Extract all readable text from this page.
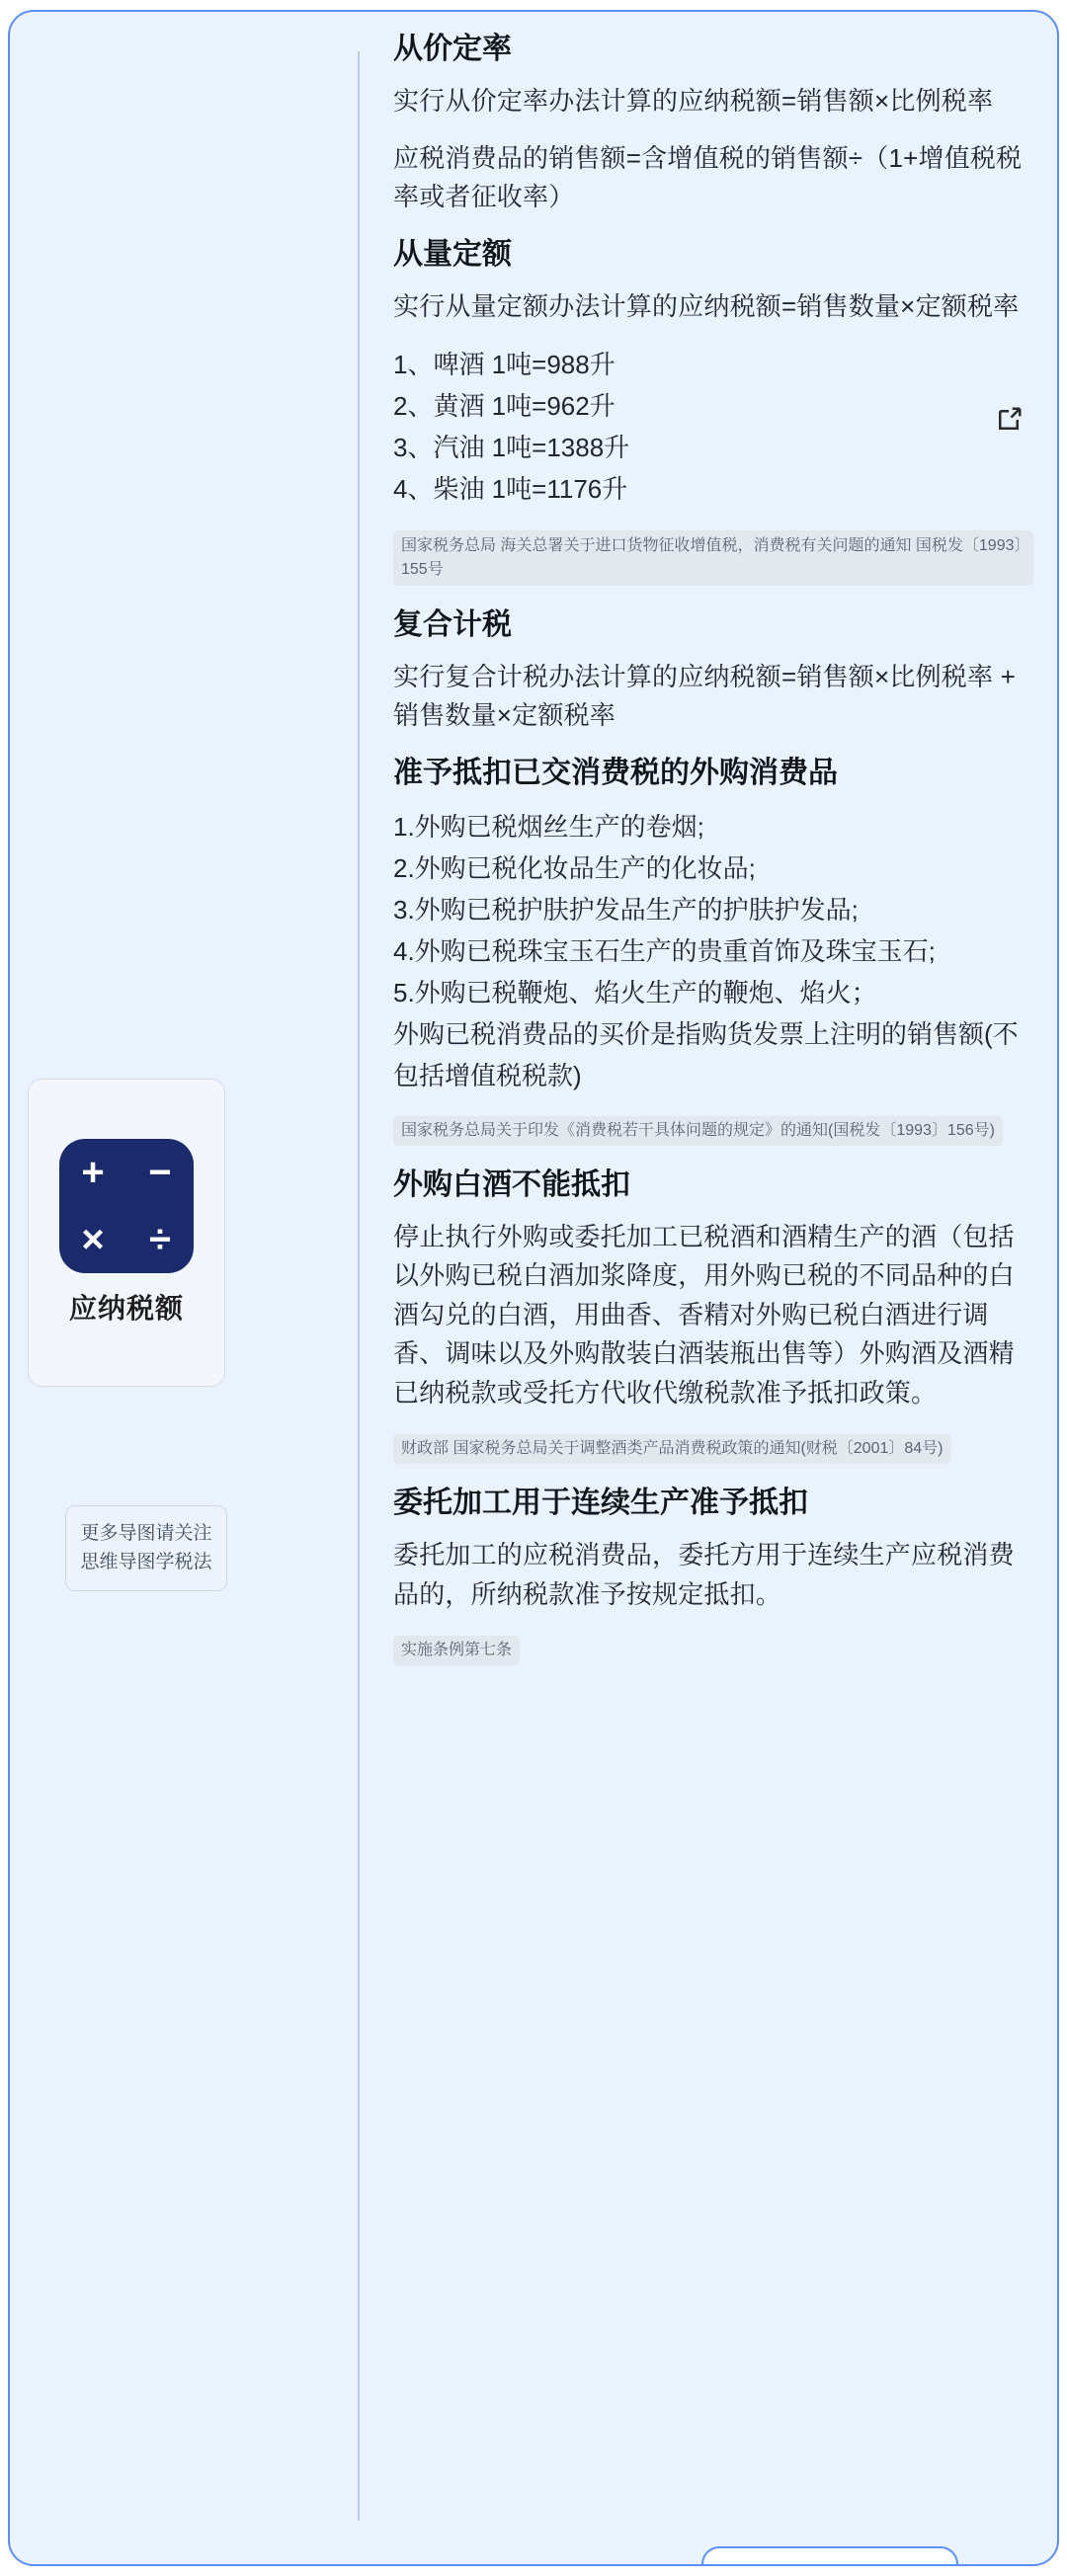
+ −
× ÷
应纳税额
更多导图请关注
思维导图学税法
从价定率

实行从价定率办法计算的应纳税额=销售额×比例税率

应税消费品的销售额=含增值税的销售额÷（1+增值税税率或者征收率）

从量定额

实行从量定额办法计算的应纳税额=销售数量×定额税率

1、啤酒 1吨=988升
2、黄酒 1吨=962升
3、汽油 1吨=1388升
4、柴油 1吨=1176升
国家税务总局 海关总署关于进口货物征收增值税，消费税有关问题的通知 国税发〔1993〕155号
复合计税

实行复合计税办法计算的应纳税额=销售额×比例税率 + 销售数量×定额税率

准予抵扣已交消费税的外购消费品
1.外购已税烟丝生产的卷烟;
2.外购已税化妆品生产的化妆品;
3.外购已税护肤护发品生产的护肤护发品;
4.外购已税珠宝玉石生产的贵重首饰及珠宝玉石;
5.外购已税鞭炮、焰火生产的鞭炮、焰火；
外购已税消费品的买价是指购货发票上注明的销售额(不包括增值税税款)
国家税务总局关于印发《消费税若干具体问题的规定》的通知(国税发〔1993〕156号)
外购白酒不能抵扣

停止执行外购或委托加工已税酒和酒精生产的酒（包括以外购已税白酒加浆降度，用外购已税的不同品种的白酒勾兑的白酒，用曲香、香精对外购已税白酒进行调香、调味以及外购散装白酒装瓶出售等）外购酒及酒精已纳税款或受托方代收代缴税款准予抵扣政策。

财政部 国家税务总局关于调整酒类产品消费税政策的通知(财税〔2001〕84号)
委托加工用于连续生产准予抵扣

委托加工的应税消费品，委托方用于连续生产应税消费品的，所纳税款准予按规定抵扣。

实施条例第七条
